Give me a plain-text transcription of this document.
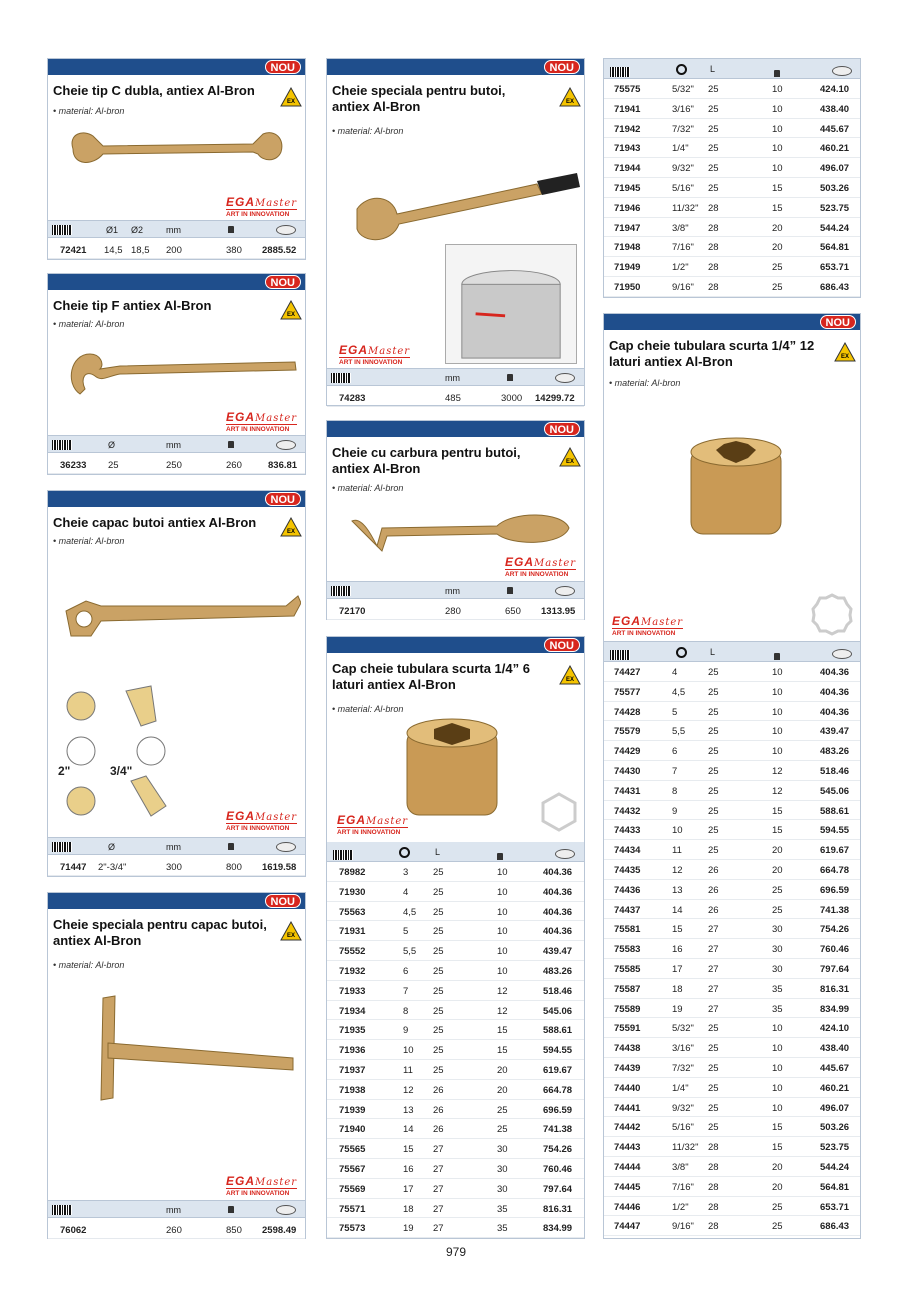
NOU
Cheie tip C dubla, antiex Al-Bron
EX
• material: Al-bron
EGAMaster
ART IN INNOVATION
Ø1 Ø2	mm
72421 14,5 18,5 200	380 2885.52
NOU
Cheie tip F antiex Al-Bron
EX
• material: Al-bron
EGAMaster
ART IN INNOVATION
Ø	mm
36233 25	250	260	836.81
NOU
Cheie capac butoi antiex Al-Bron
EX
• material: Al-bron
2"	3/4"
EGAMaster
ART IN INNOVATION
Ø	mm
71447 2"-3/4"	300	800 1619.58
NOU
Cheie speciala pentru capac butoi, antiex Al-Bron	EX
• material: Al-bron
EGAMaster
ART IN INNOVATION
mm
76062	260	850 2598.49
NOU
Cheie speciala pentru butoi, antiex Al-Bron	EX
• material: Al-bron
EGAMaster
ART IN INNOVATION
mm
74283	485	3000 14299.72
NOU
Cheie cu carbura pentru butoi, antiex Al-Bron	EX
• material: Al-bron
EGAMaster
ART IN INNOVATION
mm
72170	280	650 1313.95
NOU
Cap cheie tubulara scurta 1/4” 6 laturi antiex Al-Bron	EX
• material: Al-bron
EGAMaster
ART IN INNOVATION
L
78982	3	25	10	404.36
71930	4	25	10	404.36
75563	4,5 25	10	404.36
71931	5	25	10	404.36
75552	5,5 25	10	439.47
71932	6	25	10	483.26
71933	7	25	12	518.46
71934	8	25	12	545.06
71935	9	25	15	588.61
71936	10 25	15	594.55
71937	11 25	20	619.67
71938	12 26	20	664.78
71939	13 26	25	696.59
71940	14 26	25	741.38
75565	15 27	30	754.26
75567	16 27	30	760.46
75569	17 27	30	797.64
75571	18 27	35	816.31
75573	19 27	35	834.99
L
75575	5/32" 25	10	424.10
71941	3/16" 25	10	438.40
71942	7/32" 25	10	445.67
71943	1/4" 25	10	460.21
71944	9/32" 25	10	496.07
71945	5/16" 25	15	503.26
71946	11/32" 28	15	523.75
71947	3/8" 28	20	544.24
71948	7/16" 28	20	564.81
71949	1/2" 28	25	653.71
71950	9/16" 28	25	686.43
NOU
Cap cheie tubulara scurta 1/4” 12 laturi antiex Al-Bron	EX
• material: Al-bron
EGAMaster
ART IN INNOVATION
L
74427	4	25	10	404.36
75577	4,5 25	10	404.36
74428	5	25	10	404.36
75579	5,5 25	10	439.47
74429	6	25	10	483.26
74430	7	25	12	518.46
74431	8	25	12	545.06
74432	9	25	15	588.61
74433	10	25	15	594.55
74434	11	25	20	619.67
74435	12	26	20	664.78
74436	13	26	25	696.59
74437	14	26	25	741.38
75581	15	27	30	754.26
75583	16	27	30	760.46
75585	17	27	30	797.64
75587	18	27	35	816.31
75589	19	27	35	834.99
75591	5/32" 25	10	424.10
74438	3/16" 25	10	438.40
74439	7/32" 25	10	445.67
74440	1/4" 25	10	460.21
74441	9/32" 25	10	496.07
74442	5/16" 25	15	503.26
74443	11/32" 28	15	523.75
74444	3/8" 28	20	544.24
74445	7/16" 28	20	564.81
74446	1/2" 28	25	653.71
74447	9/16" 28	25	686.43
979
